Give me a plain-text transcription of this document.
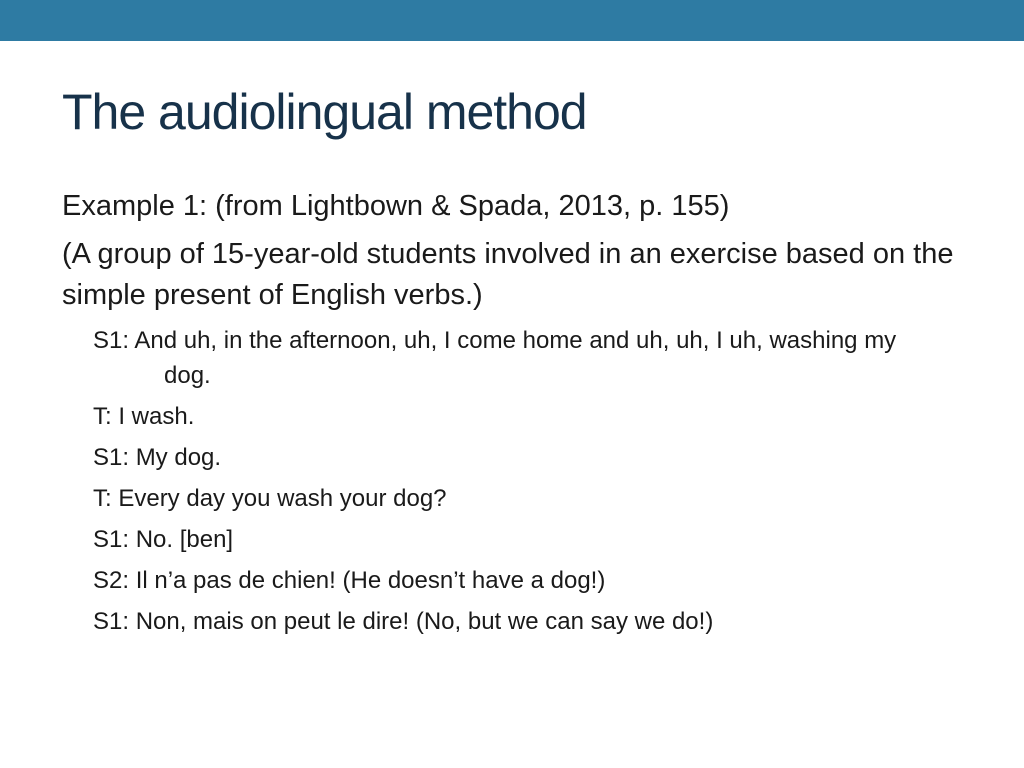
The audiolingual method

Example 1: (from Lightbown & Spada, 2013, p. 155)

(A group of 15-year-old students involved in an exercise based on the simple present of English verbs.)

S1: And uh, in the afternoon, uh, I come home and uh, uh, I uh, washing my dog.

T: I wash.

S1: My dog.

T: Every day you wash your dog?

S1: No. [ben]

S2: Il n’a pas de chien! (He doesn’t have a dog!)

S1: Non, mais on peut le dire! (No, but we can say we do!)
